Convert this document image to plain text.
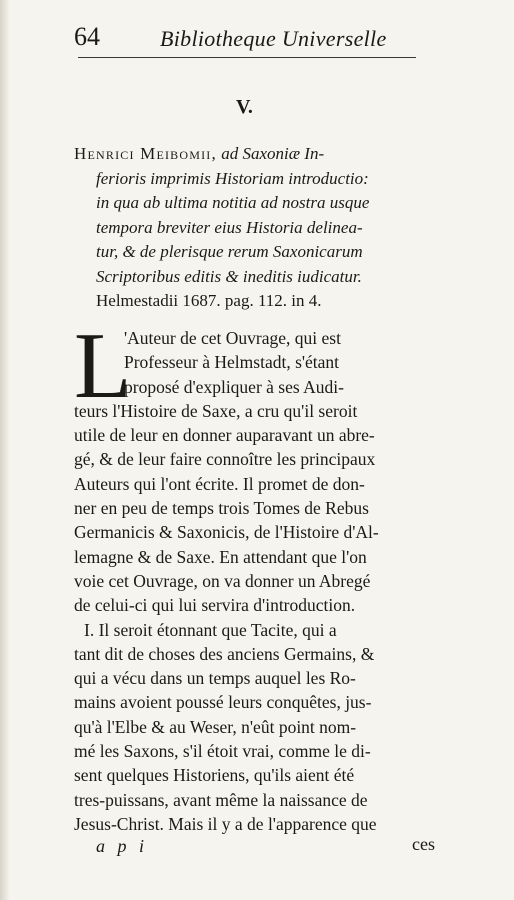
64	Bibliotheque Universelle
V.
Henrici Meibomii, ad Saxoniæ In-
ferioris imprimis Historiam introductio:
in qua ab ultima notitia ad nostra usque
tempora breviter eius Historia delinea-
tur, & de plerisque rerum Saxonicarum
Scriptoribus editis & ineditis iudicatur.
Helmestadii 1687. pag. 112. in 4.
L
'Auteur de cet Ouvrage, qui est
Professeur à Helmstadt, s'étant
proposé d'expliquer à ses Audi-
teurs l'Histoire de Saxe, a cru qu'il seroit
utile de leur en donner auparavant un abre-
gé, & de leur faire connoître les principaux
Auteurs qui l'ont écrite. Il promet de don-
ner en peu de temps trois Tomes de Rebus
Germanicis & Saxonicis, de l'Histoire d'Al-
lemagne & de Saxe. En attendant que l'on
voie cet Ouvrage, on va donner un Abregé
de celui-ci qui lui servira d'introduction.
I. Il seroit étonnant que Tacite, qui a
tant dit de choses des anciens Germains, &
qui a vécu dans un temps auquel les Ro-
mains avoient poussé leurs conquêtes, jus-
qu'à l'Elbe & au Weser, n'eût point nom-
mé les Saxons, s'il étoit vrai, comme le di-
sent quelques Historiens, qu'ils aient été
tres-puissans, avant même la naissance de
Jesus-Christ. Mais il y a de l'apparence que
a p i	ces
